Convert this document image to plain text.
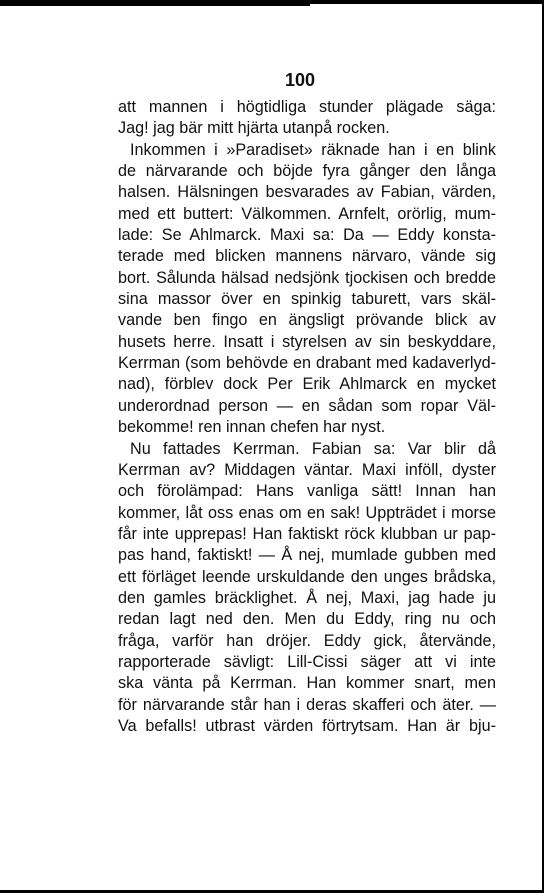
100
att mannen i högtidliga stunder plägade säga:
Jag! jag bär mitt hjärta utanpå rocken.
Inkommen i »Paradiset» räknade han i en blink
de närvarande och böjde fyra gånger den långa
halsen. Hälsningen besvarades av Fabian, värden,
med ett buttert: Välkommen. Arnfelt, orörlig, mum-
lade: Se Ahlmarck. Maxi sa: Da — Eddy konsta-
terade med blicken mannens närvaro, vände sig
bort. Sålunda hälsad nedsjönk tjockisen och bredde
sina massor över en spinkig taburett, vars skäl-
vande ben fingo en ängsligt prövande blick av
husets herre. Insatt i styrelsen av sin beskyddare,
Kerrman (som behövde en drabant med kadaverlyd-
nad), förblev dock Per Erik Ahlmarck en mycket
underordnad person — en sådan som ropar Väl-
bekomme! ren innan chefen har nyst.
Nu fattades Kerrman. Fabian sa: Var blir då
Kerrman av? Middagen väntar. Maxi inföll, dyster
och förolämpad: Hans vanliga sätt! Innan han
kommer, låt oss enas om en sak! Uppträdet i morse
får inte upprepas! Han faktiskt röck klubban ur pap-
pas hand, faktiskt! — Å nej, mumlade gubben med
ett förläget leende urskuldande den unges brådska,
den gamles bräcklighet. Å nej, Maxi, jag hade ju
redan lagt ned den. Men du Eddy, ring nu och
fråga, varför han dröjer. Eddy gick, återvände,
rapporterade sävligt: Lill-Cissi säger att vi inte
ska vänta på Kerrman. Han kommer snart, men
för närvarande står han i deras skafferi och äter. —
Va befalls! utbrast värden förtrytsam. Han är bju-
